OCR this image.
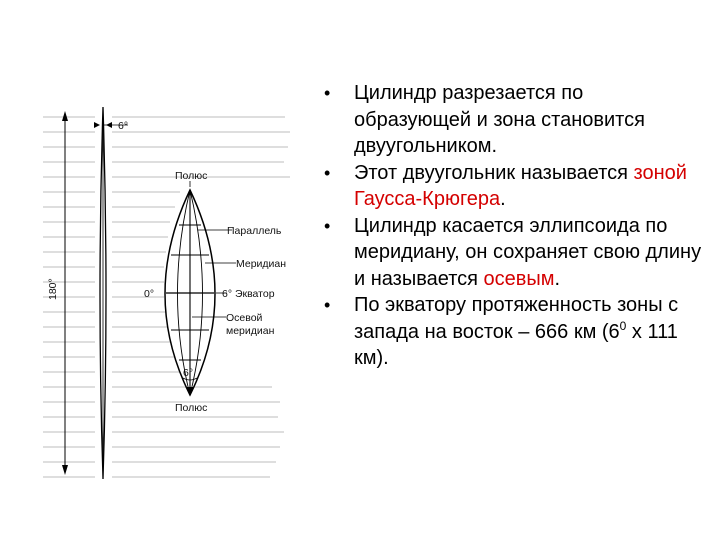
6°
Полюс
Параллель
Меридиан
0°	6° Экватор
Осевой
меридиан
6°
Полюс
180°
• Цилиндр разрезается по образующей и зона становится двуугольником.
• Этот двуугольник называется зоной Гаусса-Крюгера.
• Цилиндр касается эллипсоида по меридиану, он сохраняет свою длину и называется осевым.
• По экватору протяженность зоны с запада на восток – 666 км ($6^0$ х 111 км).
